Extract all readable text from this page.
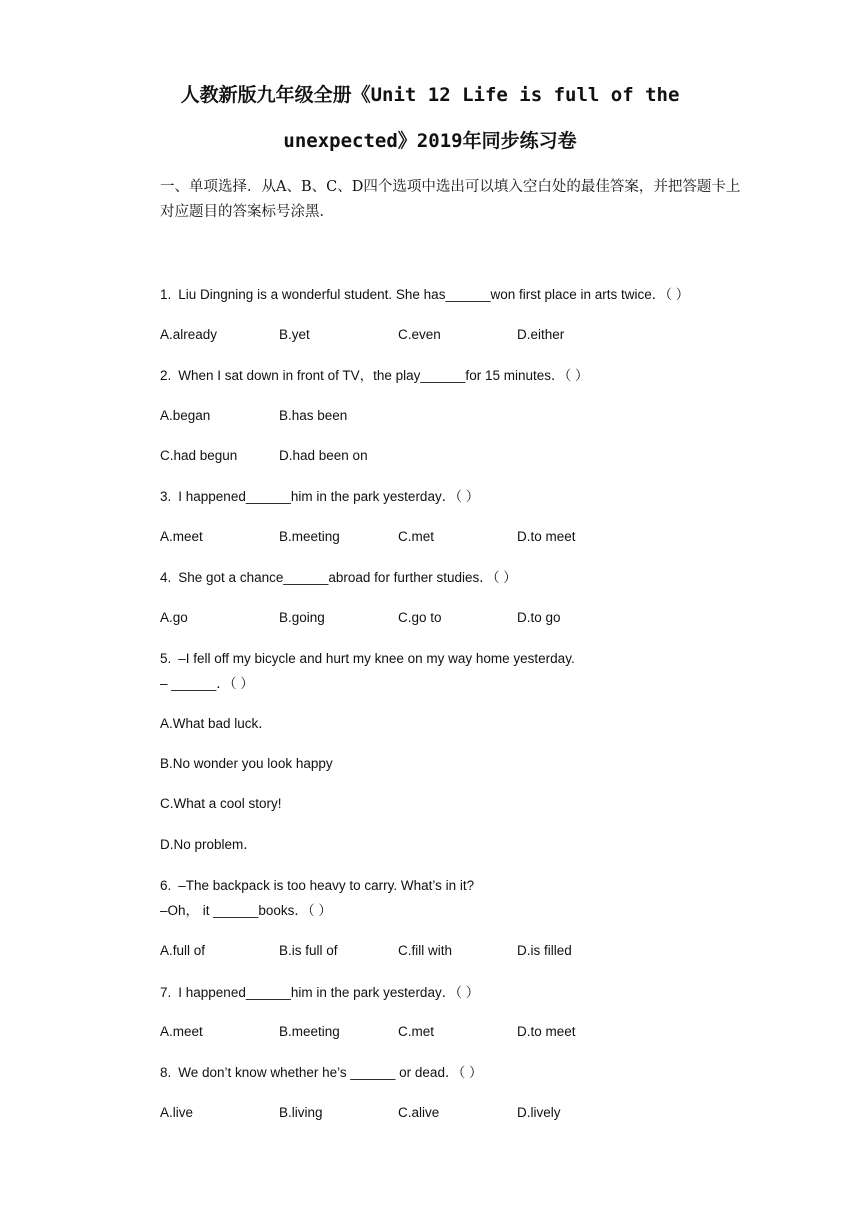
人教新版九年级全册《Unit 12 Life is full of the
unexpected》2019年同步练习卷
一、单项选择．从A、B、C、D四个选项中选出可以填入空白处的最佳答案，并把答题卡上对应题目的答案标号涂黑．
1. Liu Dingning is a wonderful student. She has______won first place in arts twice．（ ）
A.already	B.yet	C.even	D.either
2. When I sat down in front of TV，the play______for 15 minutes．（ ）
A.began	B.has been
C.had begun	D.had been on
3. I happened______him in the park yesterday．（ ）
A.meet	B.meeting	C.met	D.to meet
4. She got a chance______abroad for further studies．（ ）
A.go	B.going	C.go to	D.to go
5. –I fell off my bicycle and hurt my knee on my way home yesterday.
– ______．（ ）
A.What bad luck．
B.No wonder you look happy
C.What a cool story!
D.No problem．
6. –The backpack is too heavy to carry. What’s in it?
–Oh， it ______books．（ ）
A.full of	B.is full of	C.fill with	D.is filled
7. I happened______him in the park yesterday．（ ）
A.meet	B.meeting	C.met	D.to meet
8. We don’t know whether he’s ______ or dead．（ ）
A.live	B.living	C.alive	D.lively
